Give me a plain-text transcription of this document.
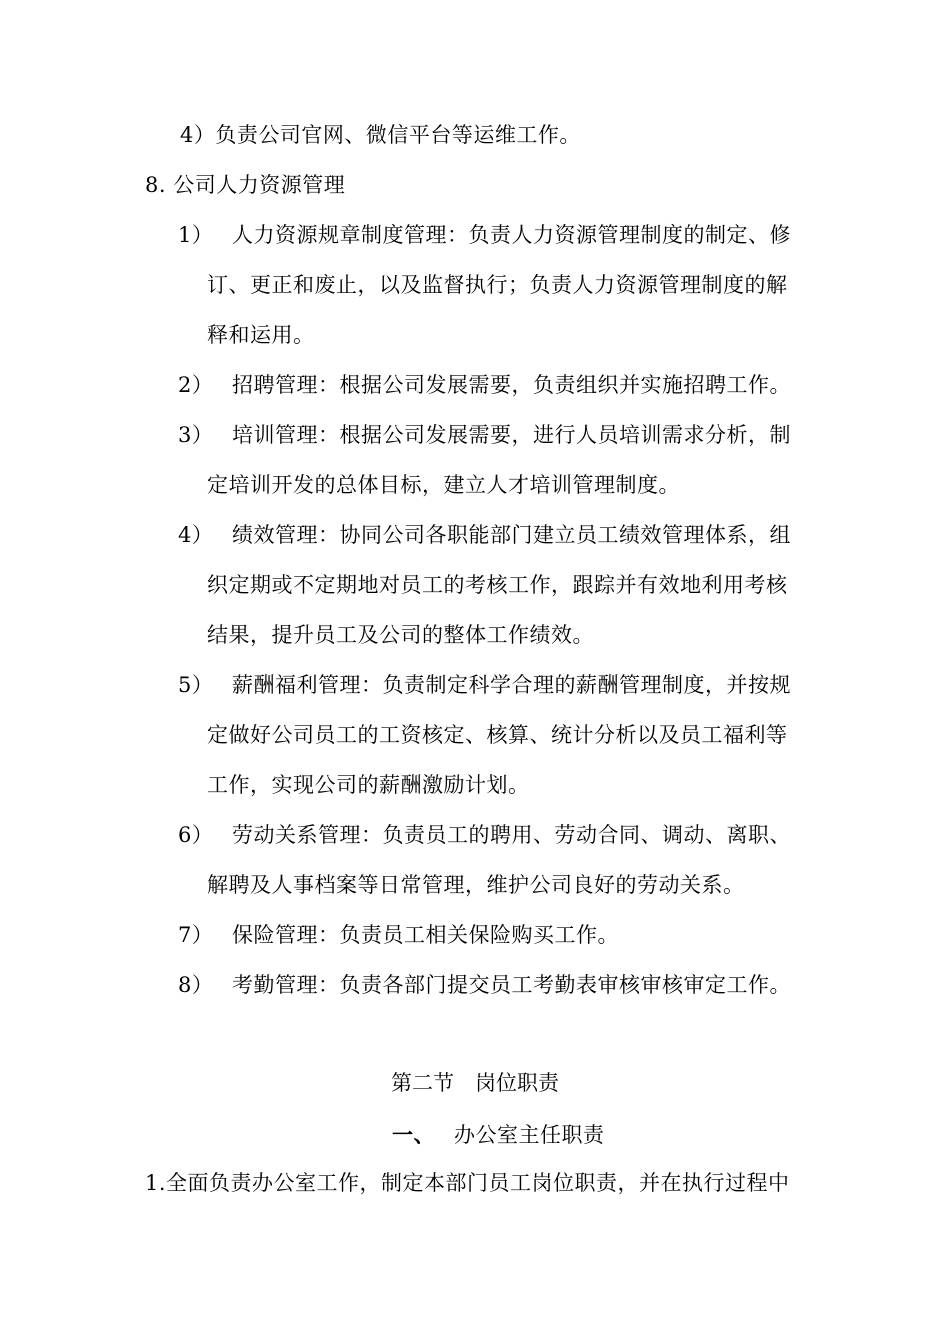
4）负责公司官网、微信平台等运维工作。
8. 公司人力资源管理
1） 人力资源规章制度管理：负责人力资源管理制度的制定、修
订、更正和废止，以及监督执行；负责人力资源管理制度的解
释和运用。
2） 招聘管理：根据公司发展需要，负责组织并实施招聘工作。
3） 培训管理：根据公司发展需要，进行人员培训需求分析，制
定培训开发的总体目标，建立人才培训管理制度。
4） 绩效管理：协同公司各职能部门建立员工绩效管理体系，组
织定期或不定期地对员工的考核工作，跟踪并有效地利用考核
结果，提升员工及公司的整体工作绩效。
5） 薪酬福利管理：负责制定科学合理的薪酬管理制度，并按规
定做好公司员工的工资核定、核算、统计分析以及员工福利等
工作，实现公司的薪酬激励计划。
6） 劳动关系管理：负责员工的聘用、劳动合同、调动、离职、
解聘及人事档案等日常管理，维护公司良好的劳动关系。
7） 保险管理：负责员工相关保险购买工作。
8） 考勤管理：负责各部门提交员工考勤表审核审核审定工作。
第二节　岗位职责
一、 办公室主任职责
1.全面负责办公室工作，制定本部门员工岗位职责，并在执行过程中
